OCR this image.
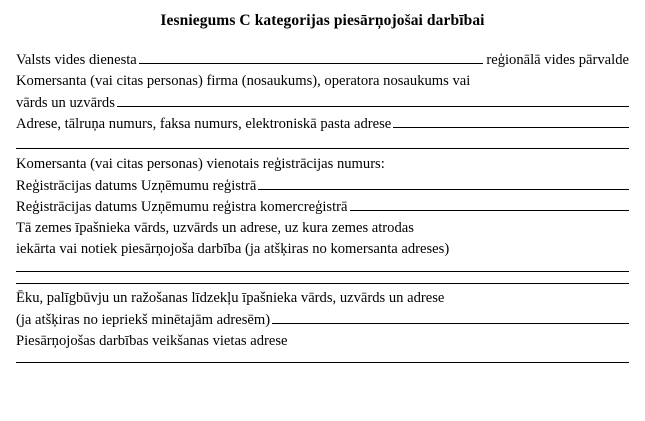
Iesniegums C kategorijas piesārņojošai darbībai
Valsts vides dienesta	reģionālā vides pārvalde
Komersanta (vai citas personas) firma (nosaukums), operatora nosaukums vai
vārds un uzvārds
Adrese, tālruņa numurs, faksa numurs, elektroniskā pasta adrese
Komersanta (vai citas personas) vienotais reģistrācijas numurs:
Reģistrācijas datums Uzņēmumu reģistrā
Reģistrācijas datums Uzņēmumu reģistra komercreģistrā
Tā zemes īpašnieka vārds, uzvārds un adrese, uz kura zemes atrodas
iekārta vai notiek piesārņojoša darbība (ja atšķiras no komersanta adreses)
Ēku, palīgbūvju un ražošanas līdzekļu īpašnieka vārds, uzvārds un adrese
(ja atšķiras no iepriekš minētajām adresēm)
Piesārņojošas darbības veikšanas vietas adrese
